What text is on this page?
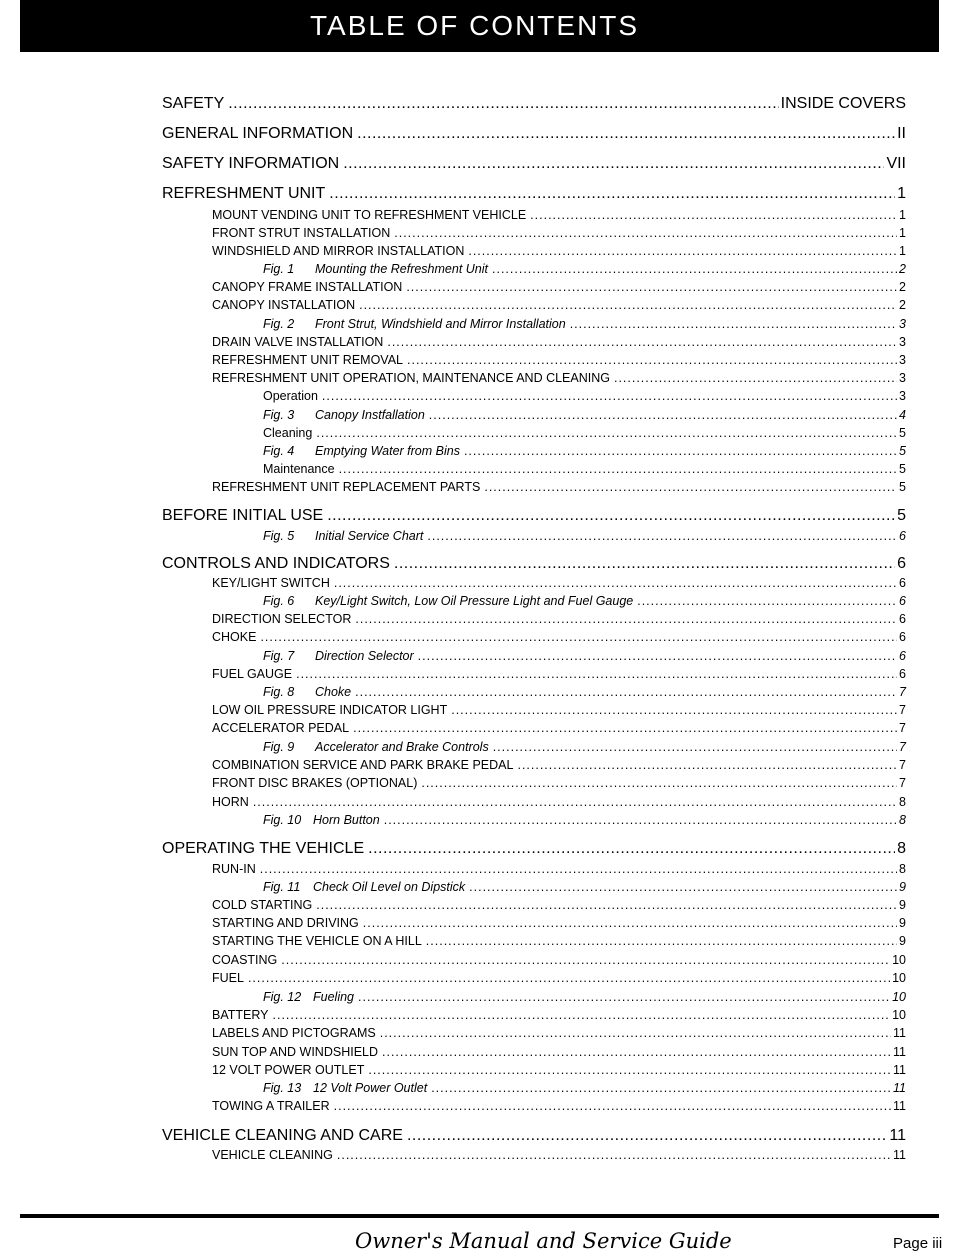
TABLE OF CONTENTS
SAFETY .....	INSIDE COVERS
GENERAL INFORMATION .....	II
SAFETY INFORMATION .....	VII
REFRESHMENT UNIT .....	1
MOUNT VENDING UNIT TO REFRESHMENT VEHICLE .....	1
FRONT STRUT INSTALLATION .....	1
WINDSHIELD AND MIRROR INSTALLATION .....	1
Fig. 1 Mounting the Refreshment Unit .....	2
CANOPY FRAME INSTALLATION .....	2
CANOPY INSTALLATION .....	2
Fig. 2 Front Strut, Windshield and Mirror Installation .....	3
DRAIN VALVE INSTALLATION .....	3
REFRESHMENT UNIT REMOVAL .....	3
REFRESHMENT UNIT OPERATION, MAINTENANCE AND CLEANING .....	3
Operation .....	3
Fig. 3 Canopy Instfallation .....	4
Cleaning .....	5
Fig. 4 Emptying Water from Bins .....	5
Maintenance .....	5
REFRESHMENT UNIT REPLACEMENT PARTS .....	5
BEFORE INITIAL USE .....	5
Fig. 5 Initial Service Chart .....	6
CONTROLS AND INDICATORS .....	6
KEY/LIGHT SWITCH .....	6
Fig. 6 Key/Light Switch, Low Oil Pressure Light and Fuel Gauge .....	6
DIRECTION SELECTOR .....	6
CHOKE .....	6
Fig. 7 Direction Selector .....	6
FUEL GAUGE .....	6
Fig. 8 Choke .....	7
LOW OIL PRESSURE INDICATOR LIGHT .....	7
ACCELERATOR PEDAL .....	7
Fig. 9 Accelerator and Brake Controls .....	7
COMBINATION SERVICE AND PARK BRAKE PEDAL .....	7
FRONT DISC BRAKES (OPTIONAL) .....	7
HORN .....	8
Fig. 10 Horn Button .....	8
OPERATING THE VEHICLE .....	8
RUN-IN .....	8
Fig. 11 Check Oil Level on Dipstick .....	9
COLD STARTING .....	9
STARTING AND DRIVING .....	9
STARTING THE VEHICLE ON A HILL .....	9
COASTING .....	10
FUEL .....	10
Fig. 12 Fueling .....	10
BATTERY .....	10
LABELS AND PICTOGRAMS .....	11
SUN TOP AND WINDSHIELD .....	11
12 VOLT POWER OUTLET .....	11
Fig. 13 12 Volt Power Outlet .....	11
TOWING A TRAILER .....	11
VEHICLE CLEANING AND CARE .....	11
VEHICLE CLEANING .....	11
Owner's Manual and Service Guide	Page iii
